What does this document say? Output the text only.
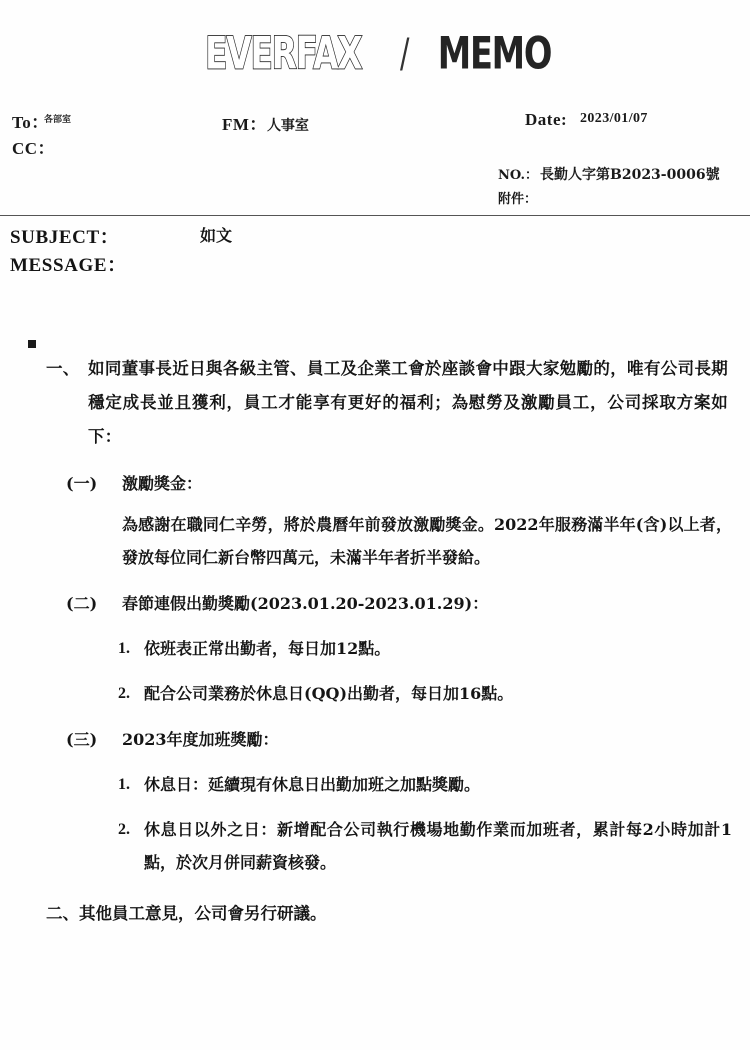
EVERFAX / MEMO
To：
各部室
CC：
FM：人事室	Date: 2023/01/07
NO.： 長勤人字第B2023-0006號
附件：
SUBJECT：	如文
MESSAGE：
一、 如同董事長近日與各級主管、員工及企業工會於座談會中跟大家勉勵的，唯有公司長期穩定成長並且獲利，員工才能享有更好的福利；為慰勞及激勵員工，公司採取方案如下：
(一) 激勵獎金：
為感謝在職同仁辛勞，將於農曆年前發放激勵獎金。2022年服務滿半年(含)以上者，發放每位同仁新台幣四萬元，未滿半年者折半發給。
(二) 春節連假出勤獎勵(2023.01.20-2023.01.29)：
1. 依班表正常出勤者，每日加12點。
2. 配合公司業務於休息日(QQ)出勤者，每日加16點。
(三) 2023年度加班獎勵：
1. 休息日：延續現有休息日出勤加班之加點獎勵。
2. 休息日以外之日：新增配合公司執行機場地勤作業而加班者，累計每2小時加計1點，於次月併同薪資核發。
二、其他員工意見，公司會另行研議。
